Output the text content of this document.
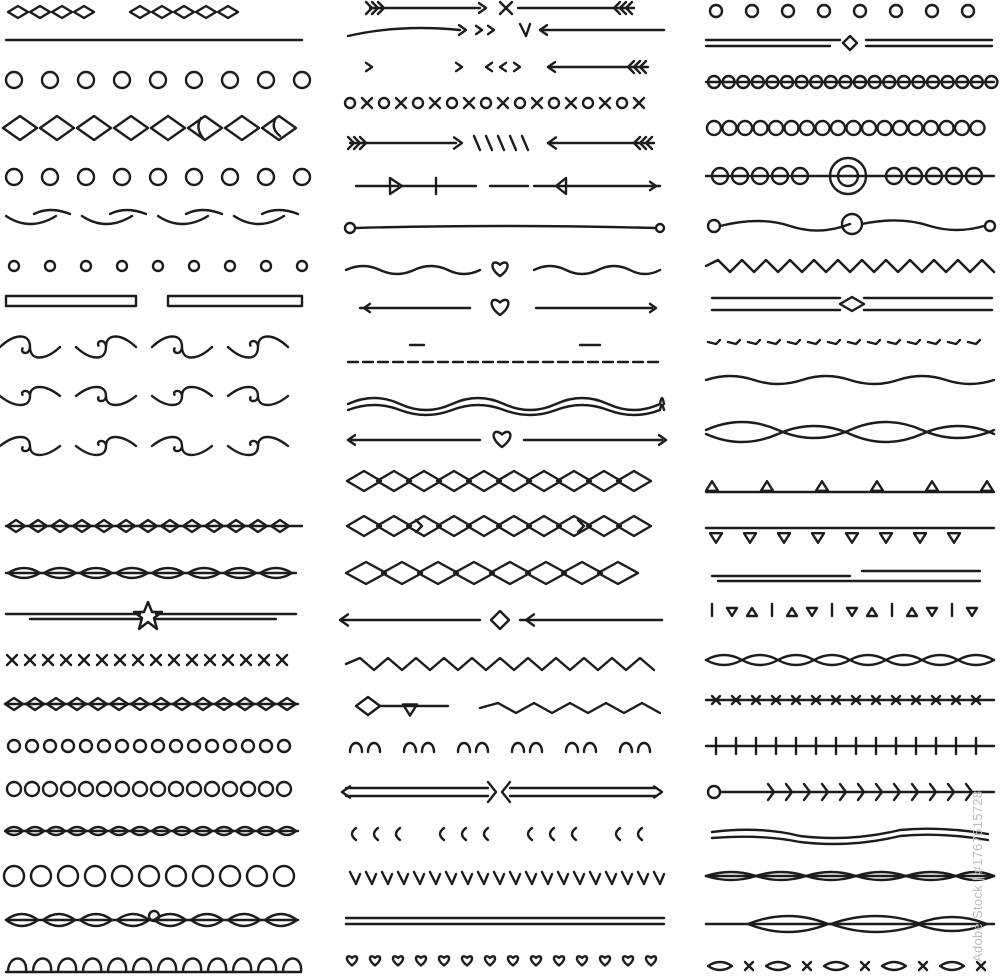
Adobe Stock | #1767615728
